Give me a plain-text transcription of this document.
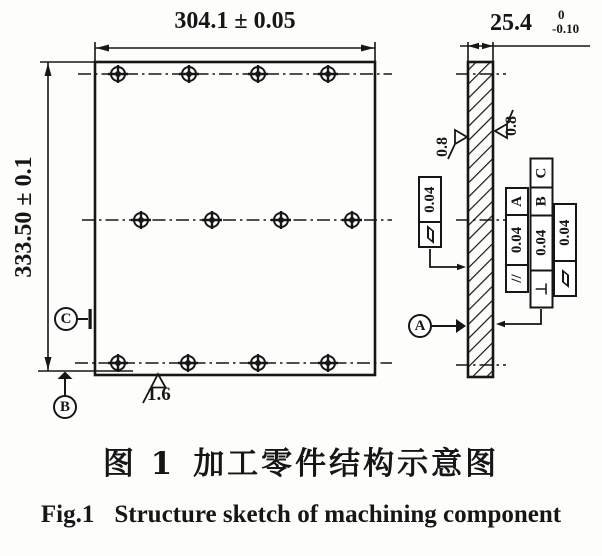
304.1 ± 0.05
333.50 ± 0.1
25.4 0
-0.10
0.8
0.8
1.6
A
C
B
0.04
//
0.04
A
⊥
0.04
B
C
0.04
图 1 加工零件结构示意图
Fig.1 Structure sketch of machining component
